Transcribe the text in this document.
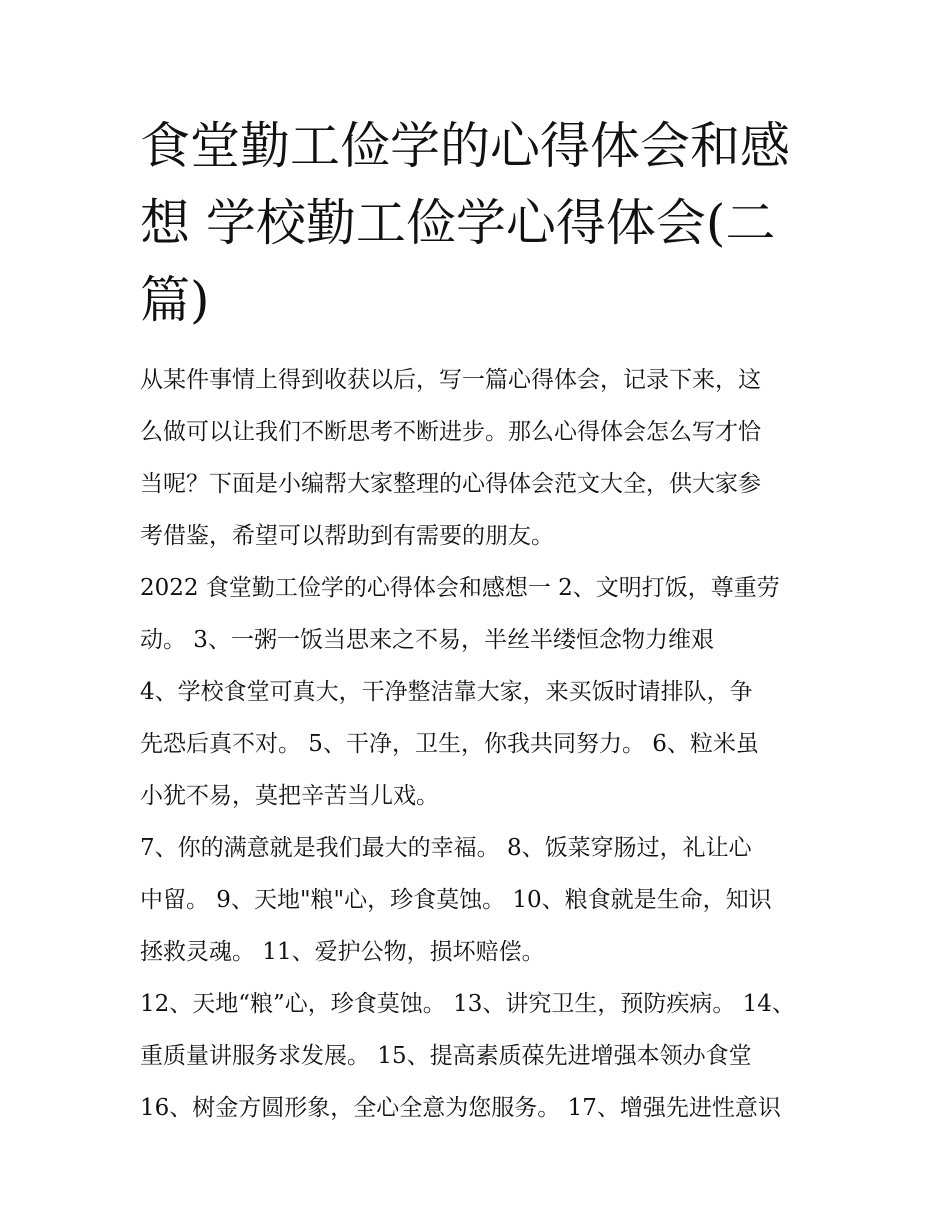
食堂勤工俭学的心得体会和感
想 学校勤工俭学心得体会(二
篇)

从某件事情上得到收获以后，写一篇心得体会，记录下来，这
么做可以让我们不断思考不断进步。那么心得体会怎么写才恰
当呢？下面是小编帮大家整理的心得体会范文大全，供大家参
考借鉴，希望可以帮助到有需要的朋友。

2022 食堂勤工俭学的心得体会和感想一 2、文明打饭，尊重劳
动。 3、一粥一饭当思来之不易，半丝半缕恒念物力维艰

4、学校食堂可真大，干净整洁靠大家，来买饭时请排队，争
先恐后真不对。 5、干净，卫生，你我共同努力。 6、粒米虽
小犹不易，莫把辛苦当儿戏。

7、你的满意就是我们最大的幸福。 8、饭菜穿肠过，礼让心
中留。 9、天地"粮"心，珍食莫蚀。 10、粮食就是生命，知识
拯救灵魂。 11、爱护公物，损坏赔偿。

12、天地“粮”心，珍食莫蚀。 13、讲究卫生，预防疾病。 14、
重质量讲服务求发展。 15、提高素质葆先进增强本领办食堂
16、树金方圆形象，全心全意为您服务。 17、增强先进性意识
